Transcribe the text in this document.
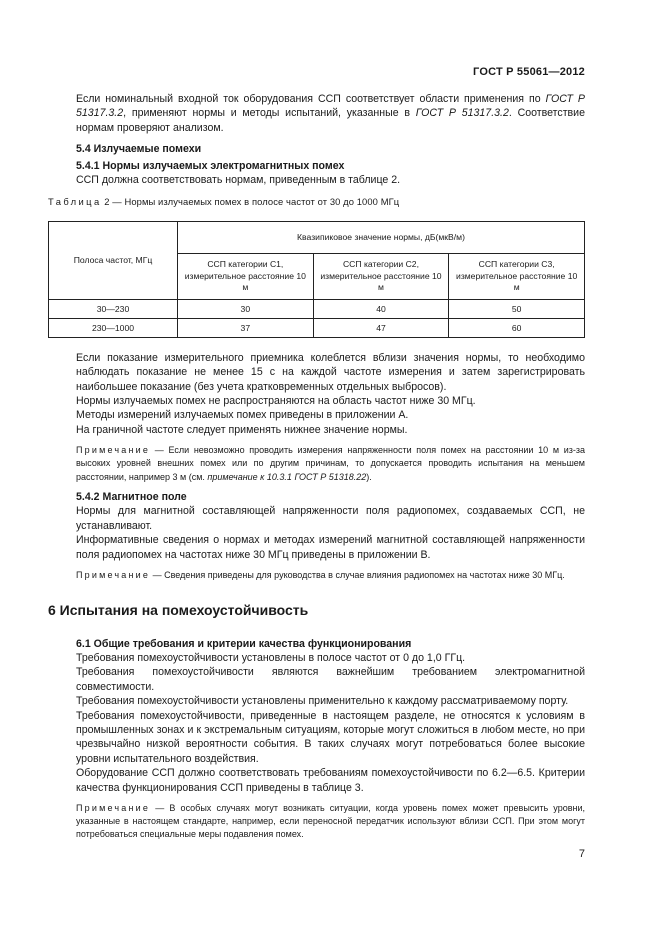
ГОСТ Р 55061—2012

Если номинальный входной ток оборудования ССП соответствует области применения по ГОСТ Р 51317.3.2, применяют нормы и методы испытаний, указанные в ГОСТ Р 51317.3.2. Соответствие нормам проверяют анализом.

5.4 Излучаемые помехи

5.4.1 Нормы излучаемых электромагнитных помех

ССП должна соответствовать нормам, приведенным в таблице 2.

Таблица 2 — Нормы излучаемых помех в полосе частот от 30 до 1000 МГц

Полоса частот, МГц	Квазипиковое значение нормы, дБ(мкВ/м)		
	ССП категории С1, измерительное расстояние 10 м	ССП категории С2, измерительное расстояние 10 м	ССП категории С3, измерительное расстояние 10 м
30—230	30	40	50
230—1000	37	47	60

Если показание измерительного приемника колеблется вблизи значения нормы, то необходимо наблюдать показание не менее 15 с на каждой частоте измерения и затем зарегистрировать наибольшее показание (без учета кратковременных отдельных выбросов).

Нормы излучаемых помех не распространяются на область частот ниже 30 МГц.

Методы измерений излучаемых помех приведены в приложении А.

На граничной частоте следует применять нижнее значение нормы.

Примечание — Если невозможно проводить измерения напряженности поля помех на расстоянии 10 м из-за высоких уровней внешних помех или по другим причинам, то допускается проводить испытания на меньшем расстоянии, например 3 м (см. примечание к 10.3.1 ГОСТ Р 51318.22).

5.4.2 Магнитное поле

Нормы для магнитной составляющей напряженности поля радиопомех, создаваемых ССП, не устанавливают.

Информативные сведения о нормах и методах измерений магнитной составляющей напряженности поля радиопомех на частотах ниже 30 МГц приведены в приложении В.

Примечание — Сведения приведены для руководства в случае влияния радиопомех на частотах ниже 30 МГц.

6 Испытания на помехоустойчивость

6.1 Общие требования и критерии качества функционирования

Требования помехоустойчивости установлены в полосе частот от 0 до 1,0 ГГц.

Требования помехоустойчивости являются важнейшим требованием электромагнитной совместимости.

Требования помехоустойчивости установлены применительно к каждому рассматриваемому порту.

Требования помехоустойчивости, приведенные в настоящем разделе, не относятся к условиям в промышленных зонах и к экстремальным ситуациям, которые могут сложиться в любом месте, но при чрезвычайно низкой вероятности события. В таких случаях могут потребоваться более высокие уровни испытательного воздействия.

Оборудование ССП должно соответствовать требованиям помехоустойчивости по 6.2—6.5. Критерии качества функционирования ССП приведены в таблице 3.

Примечание — В особых случаях могут возникать ситуации, когда уровень помех может превысить уровни, указанные в настоящем стандарте, например, если переносной передатчик используют вблизи ССП. При этом могут потребоваться специальные меры подавления помех.

7
